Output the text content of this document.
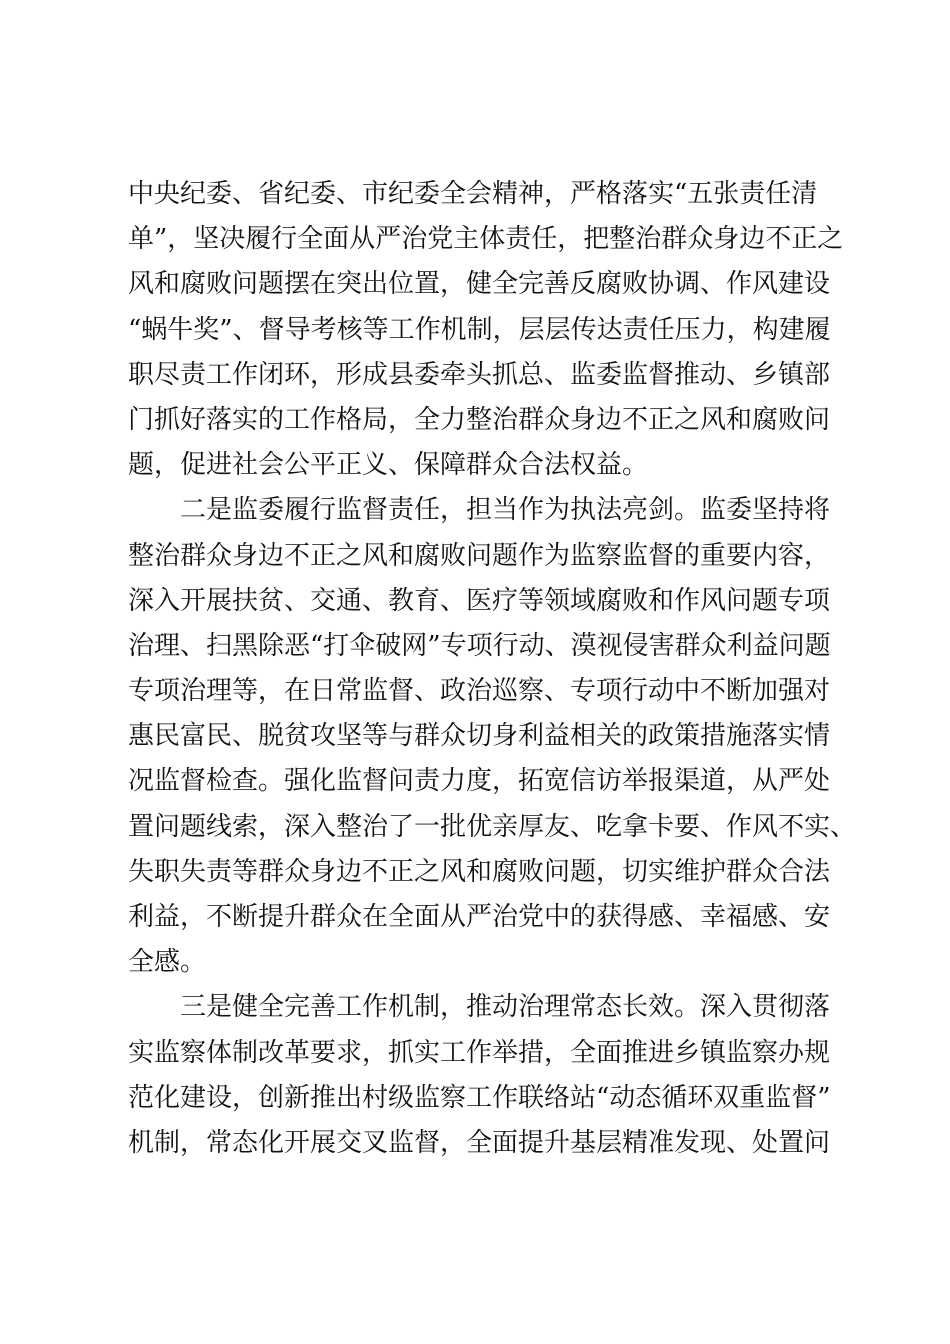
中央纪委、省纪委、市纪委全会精神，严格落实“五张责任清
单”，坚决履行全面从严治党主体责任，把整治群众身边不正之
风和腐败问题摆在突出位置，健全完善反腐败协调、作风建设
“蜗牛奖”、督导考核等工作机制，层层传达责任压力，构建履
职尽责工作闭环，形成县委牵头抓总、监委监督推动、乡镇部
门抓好落实的工作格局，全力整治群众身边不正之风和腐败问
题，促进社会公平正义、保障群众合法权益。
二是监委履行监督责任，担当作为执法亮剑。监委坚持将
整治群众身边不正之风和腐败问题作为监察监督的重要内容，
深入开展扶贫、交通、教育、医疗等领域腐败和作风问题专项
治理、扫黑除恶“打伞破网”专项行动、漠视侵害群众利益问题
专项治理等，在日常监督、政治巡察、专项行动中不断加强对
惠民富民、脱贫攻坚等与群众切身利益相关的政策措施落实情
况监督检查。强化监督问责力度，拓宽信访举报渠道，从严处
置问题线索，深入整治了一批优亲厚友、吃拿卡要、作风不实、
失职失责等群众身边不正之风和腐败问题，切实维护群众合法
利益，不断提升群众在全面从严治党中的获得感、幸福感、安
全感。
三是健全完善工作机制，推动治理常态长效。深入贯彻落
实监察体制改革要求，抓实工作举措，全面推进乡镇监察办规
范化建设，创新推出村级监察工作联络站“动态循环双重监督”
机制，常态化开展交叉监督，全面提升基层精准发现、处置问
